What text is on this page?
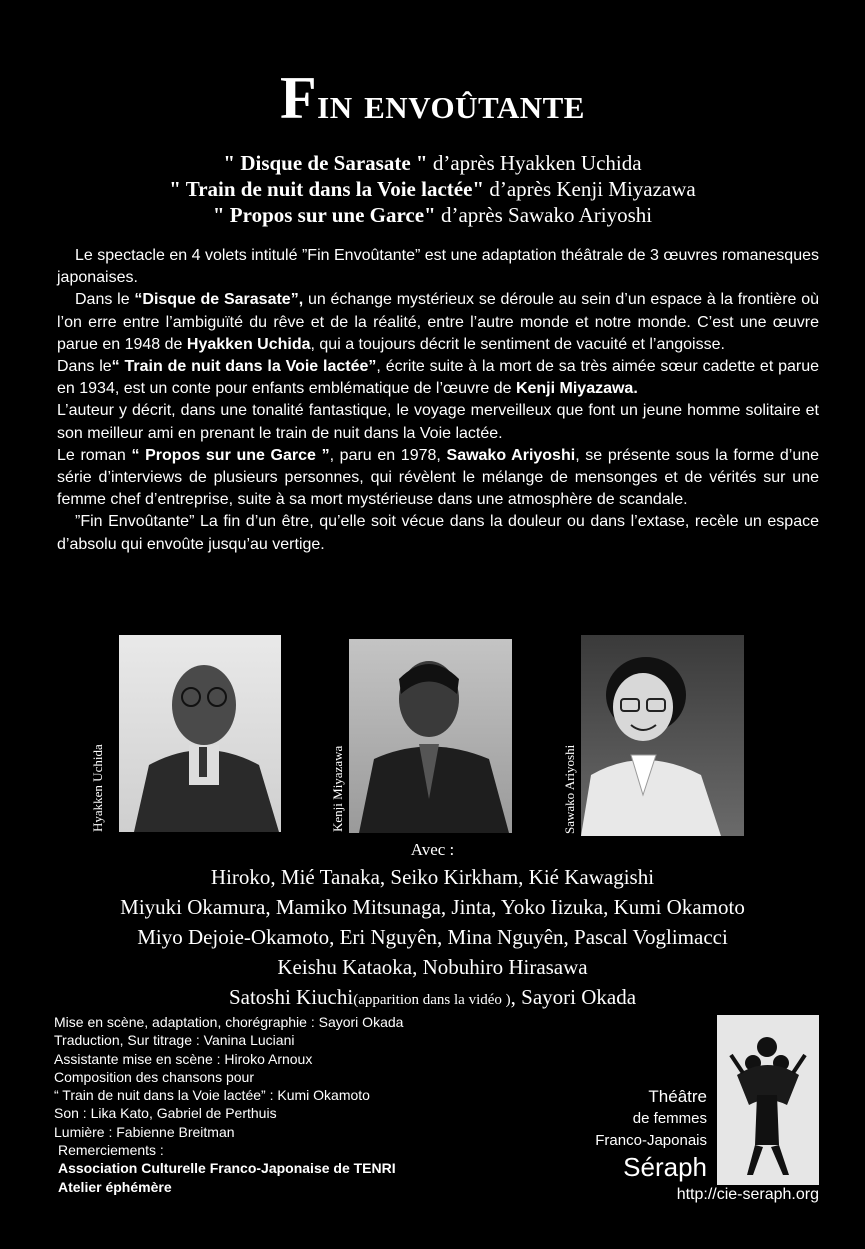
Fin envoûtante
" Disque de Sarasate " d’après Hyakken Uchida
" Train de nuit dans la Voie lactée" d’après Kenji Miyazawa
" Propos sur une Garce" d’après Sawako Ariyoshi

Le spectacle en 4 volets intitulé ”Fin Envoûtante” est une adaptation théâtrale de 3 œuvres romanesques japonaises.

Dans le “Disque de Sarasate”, un échange mystérieux se déroule au sein d’un espace à la frontière où l’on erre entre l’ambiguïté du rêve et de la réalité, entre l’autre monde et notre monde. C’est une œuvre parue en 1948 de Hyakken Uchida, qui a toujours décrit le sentiment de vacuité et l’angoisse.

Dans le“ Train de nuit dans la Voie lactée”, écrite suite à la mort de sa très aimée sœur cadette et parue en 1934, est un conte pour enfants emblématique de l’œuvre de Kenji Miyazawa.

L’auteur y décrit, dans une tonalité fantastique, le voyage merveilleux que font un jeune homme solitaire et son meilleur ami en prenant le train de nuit dans la Voie lactée.

Le roman “ Propos sur une Garce ”, paru en 1978, Sawako Ariyoshi, se présente sous la forme d’une série d’interviews de plusieurs personnes, qui révèlent le mélange de mensonges et de vérités sur une femme chef d’entreprise, suite à sa mort mystérieuse dans une atmosphère de scandale.

”Fin Envoûtante” La fin d’un être, qu’elle soit vécue dans la douleur ou dans l’extase, recèle un espace d’absolu qui envoûte jusqu’au vertige.

Hyakken Uchida	Kenji Miyazawa	Sawako Ariyoshi
Avec :
Hiroko, Mié Tanaka, Seiko Kirkham, Kié Kawagishi
Miyuki Okamura, Mamiko Mitsunaga, Jinta, Yoko Iizuka, Kumi Okamoto
Miyo Dejoie-Okamoto, Eri Nguyên, Mina Nguyên, Pascal Voglimacci
Keishu Kataoka, Nobuhiro Hirasawa
Satoshi Kiuchi(apparition dans la vidéo ), Sayori Okada
Mise en scène, adaptation, chorégraphie : Sayori Okada
Traduction, Sur titrage : Vanina Luciani
Assistante mise en scène : Hiroko Arnoux
Composition des chansons pour
“ Train de nuit dans la Voie lactée” : Kumi Okamoto
Son : Lika Kato, Gabriel de Perthuis
Lumière : Fabienne Breitman
Remerciements :
Association Culturelle Franco-Japonaise de TENRI
Atelier éphémère
Théâtre
de femmes
Franco-Japonais
Séraph
http://cie-seraph.org
